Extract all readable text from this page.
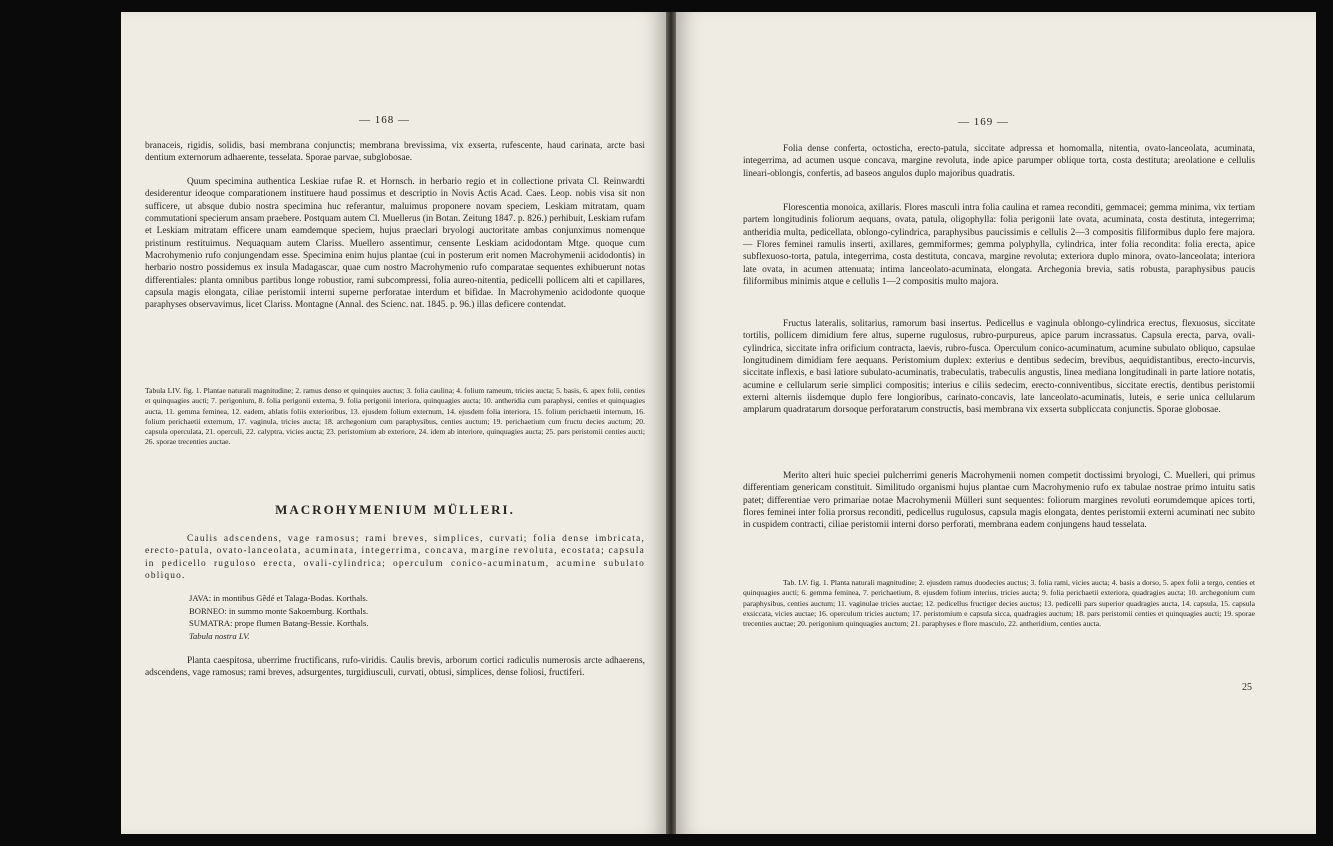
— 168 —

branaceis, rigidis, solidis, basi membrana conjunctis; membrana brevissima, vix exserta, rufescente, haud carinata, arcte basi dentium externorum adhaerente, tesselata. Sporae parvae, subglobosae.

Quum specimina authentica Leskiae rufae R. et Hornsch. in herbario regio et in collectione privata Cl. Reinwardti desiderentur ideoque comparationem instituere haud possimus et descriptio in Novis Actis Acad. Caes. Leop. nobis visa sit non sufficere, ut absque dubio nostra specimina huc referantur, maluimus proponere novam speciem, Leskiam mitratam, quam commutationi specierum ansam praebere. Postquam autem Cl. Muellerus (in Botan. Zeitung 1847. p. 826.) perhibuit, Leskiam rufam et Leskiam mitratam efficere unam eamdemque speciem, hujus praeclari bryologi auctoritate ambas conjunximus nomenque pristinum restituimus. Nequaquam autem Clariss. Muellero assentimur, censente Leskiam acidodontam Mtge. quoque cum Macrohymenio rufo conjungendam esse. Specimina enim hujus plantae (cui in posterum erit nomen Macrohymenii acidodontis) in herbario nostro possidemus ex insula Madagascar, quae cum nostro Macrohymenio rufo comparatae sequentes exhibuerunt notas differentiales: planta omnibus partibus longe robustior, rami subcompressi, folia aureo-nitentia, pedicelli pollicem alti et capillares, capsula magis elongata, ciliae peristomii interni superne perforatae interdum et bifidae. In Macrohymenio acidodonte quoque paraphyses observavimus, licet Clariss. Montagne (Annal. des Scienc. nat. 1845. p. 96.) illas deficere contendat.

Tabula LIV. fig. 1. Plantae naturali magnitudine; 2. ramus denso et quinquies auctus; 3. folia caulina; 4. folium rameum, tricies aucta; 5. basis, 6. apex folii, centies et quinquagies aucti; 7. perigonium, 8. folia perigonii externa, 9. folia perigonii interiora, quinquagies aucta; 10. antheridia cum paraphysi, centies et quinquagies aucta, 11. gemma feminea, 12. eadem, ablatis foliis exterioribus, 13. ejusdem folium externum, 14. ejusdem folia interiora, 15. folium perichaetii internum, 16. folium perichaetii externum, 17. vaginula, tricies aucta; 18. archegonium cum paraphysibus, centies auctum; 19. perichaetium cum fructu decies auctum; 20. capsula operculata, 21. operculi, 22. calyptra, vicies aucta; 23. peristomium ab exteriore, 24. idem ab interiore, quinquagies aucta; 25. pars peristomii centies aucti; 26. sporae trecenties auctae.

MACROHYMENIUM MÜLLERI.

Caulis adscendens, vage ramosus; rami breves, simplices, curvati; folia dense imbricata, erecto-patula, ovato-lanceolata, acuminata, integerrima, concava, margine revoluta, ecostata; capsula in pedicello ruguloso erecta, ovali-cylindrica; operculum conico-acuminatum, acumine subulato obliquo.

JAVA: in montibus Gêdé et Talaga-Bodas. Korthals.
BORNEO: in summo monte Sakoemburg. Korthals.
SUMATRA: prope flumen Batang-Bessie. Korthals.
Tabula nostra LV.

Planta caespitosa, uberrime fructificans, rufo-viridis. Caulis brevis, arborum cortici radiculis numerosis arcte adhaerens, adscendens, vage ramosus; rami breves, adsurgentes, turgidiusculi, curvati, obtusi, simplices, dense foliosi, fructiferi.

— 169 —

Folia dense conferta, octosticha, erecto-patula, siccitate adpressa et homomalla, nitentia, ovato-lanceolata, acuminata, integerrima, ad acumen usque concava, margine revoluta, inde apice parumper oblique torta, costa destituta; areolatione e cellulis lineari-oblongis, confertis, ad baseos angulos duplo majoribus quadratis.

Florescentia monoica, axillaris. Flores masculi intra folia caulina et ramea reconditi, gemmacei; gemma minima, vix tertiam partem longitudinis foliorum aequans, ovata, patula, oligophylla: folia perigonii late ovata, acuminata, costa destituta, integerrima; antheridia multa, pedicellata, oblongo-cylindrica, paraphysibus paucissimis e cellulis 2—3 compositis filiformibus duplo fere majora. — Flores feminei ramulis inserti, axillares, gemmiformes; gemma polyphylla, cylindrica, inter folia recondita: folia erecta, apice subflexuoso-torta, patula, integerrima, costa destituta, concava, margine revoluta; exteriora duplo minora, ovato-lanceolata; interiora late ovata, in acumen attenuata; intima lanceolato-acuminata, elongata. Archegonia brevia, satis robusta, paraphysibus paucis filiformibus minimis atque e cellulis 1—2 compositis multo majora.

Fructus lateralis, solitarius, ramorum basi insertus. Pedicellus e vaginula oblongo-cylindrica erectus, flexuosus, siccitate tortilis, pollicem dimidium fere altus, superne rugulosus, rubro-purpureus, apice parum incrassatus. Capsula erecta, parva, ovali-cylindrica, siccitate infra orificium contracta, laevis, rubro-fusca. Operculum conico-acuminatum, acumine subulato obliquo, capsulae longitudinem dimidiam fere aequans. Peristomium duplex: exterius e dentibus sedecim, brevibus, aequidistantibus, erecto-incurvis, siccitate inflexis, e basi latiore subulato-acuminatis, trabeculatis, trabeculis angustis, linea mediana longitudinali in parte latiore notatis, acumine e cellularum serie simplici compositis; interius e ciliis sedecim, erecto-conniventibus, siccitate erectis, dentibus peristomii externi alternis iisdemque duplo fere longioribus, carinato-concavis, late lanceolato-acuminatis, luteis, e serie unica cellularum amplarum quadratarum dorsoque perforatarum constructis, basi membrana vix exserta subpliccata conjunctis. Sporae globosae.

Merito alteri huic speciei pulcherrimi generis Macrohymenii nomen competit doctissimi bryologi, C. Muelleri, qui primus differentiam genericam constituit. Similitudo organismi hujus plantae cum Macrohymenio rufo ex tabulae nostrae primo intuitu satis patet; differentiae vero primariae notae Macrohymenii Mülleri sunt sequentes: foliorum margines revoluti eorumdemque apices torti, flores feminei inter folia prorsus reconditi, pedicellus rugulosus, capsula magis elongata, dentes peristomii externi acuminati nec subito in cuspidem contracti, ciliae peristomii interni dorso perforati, membrana eadem conjungens haud tesselata.

Tab. LV. fig. 1. Planta naturali magnitudine; 2. ejusdem ramus duodecies auctus; 3. folia rami, vicies aucta; 4. basis a dorso, 5. apex folii a tergo, centies et quinquagies aucti; 6. gemma feminea, 7. perichaetium, 8. ejusdem folium interius, tricies aucta; 9. folia perichaetii exteriora, quadragies aucta; 10. archegonium cum paraphysibus, centies auctum; 11. vaginulae tricies auctae; 12. pedicellus fructiger decies auctus; 13. pedicelli pars superior quadragies aucta, 14. capsula, 15. capsula exsiccata, vicies auctae; 16. operculum tricies auctum; 17. peristomium e capsula sicca, quadragies auctum; 18. pars peristomii centies et quinquagies aucti; 19. sporae trecenties auctae; 20. perigonium quinquagies auctum; 21. paraphyses e flore masculo, 22. antheridium, centies aucta.

25
